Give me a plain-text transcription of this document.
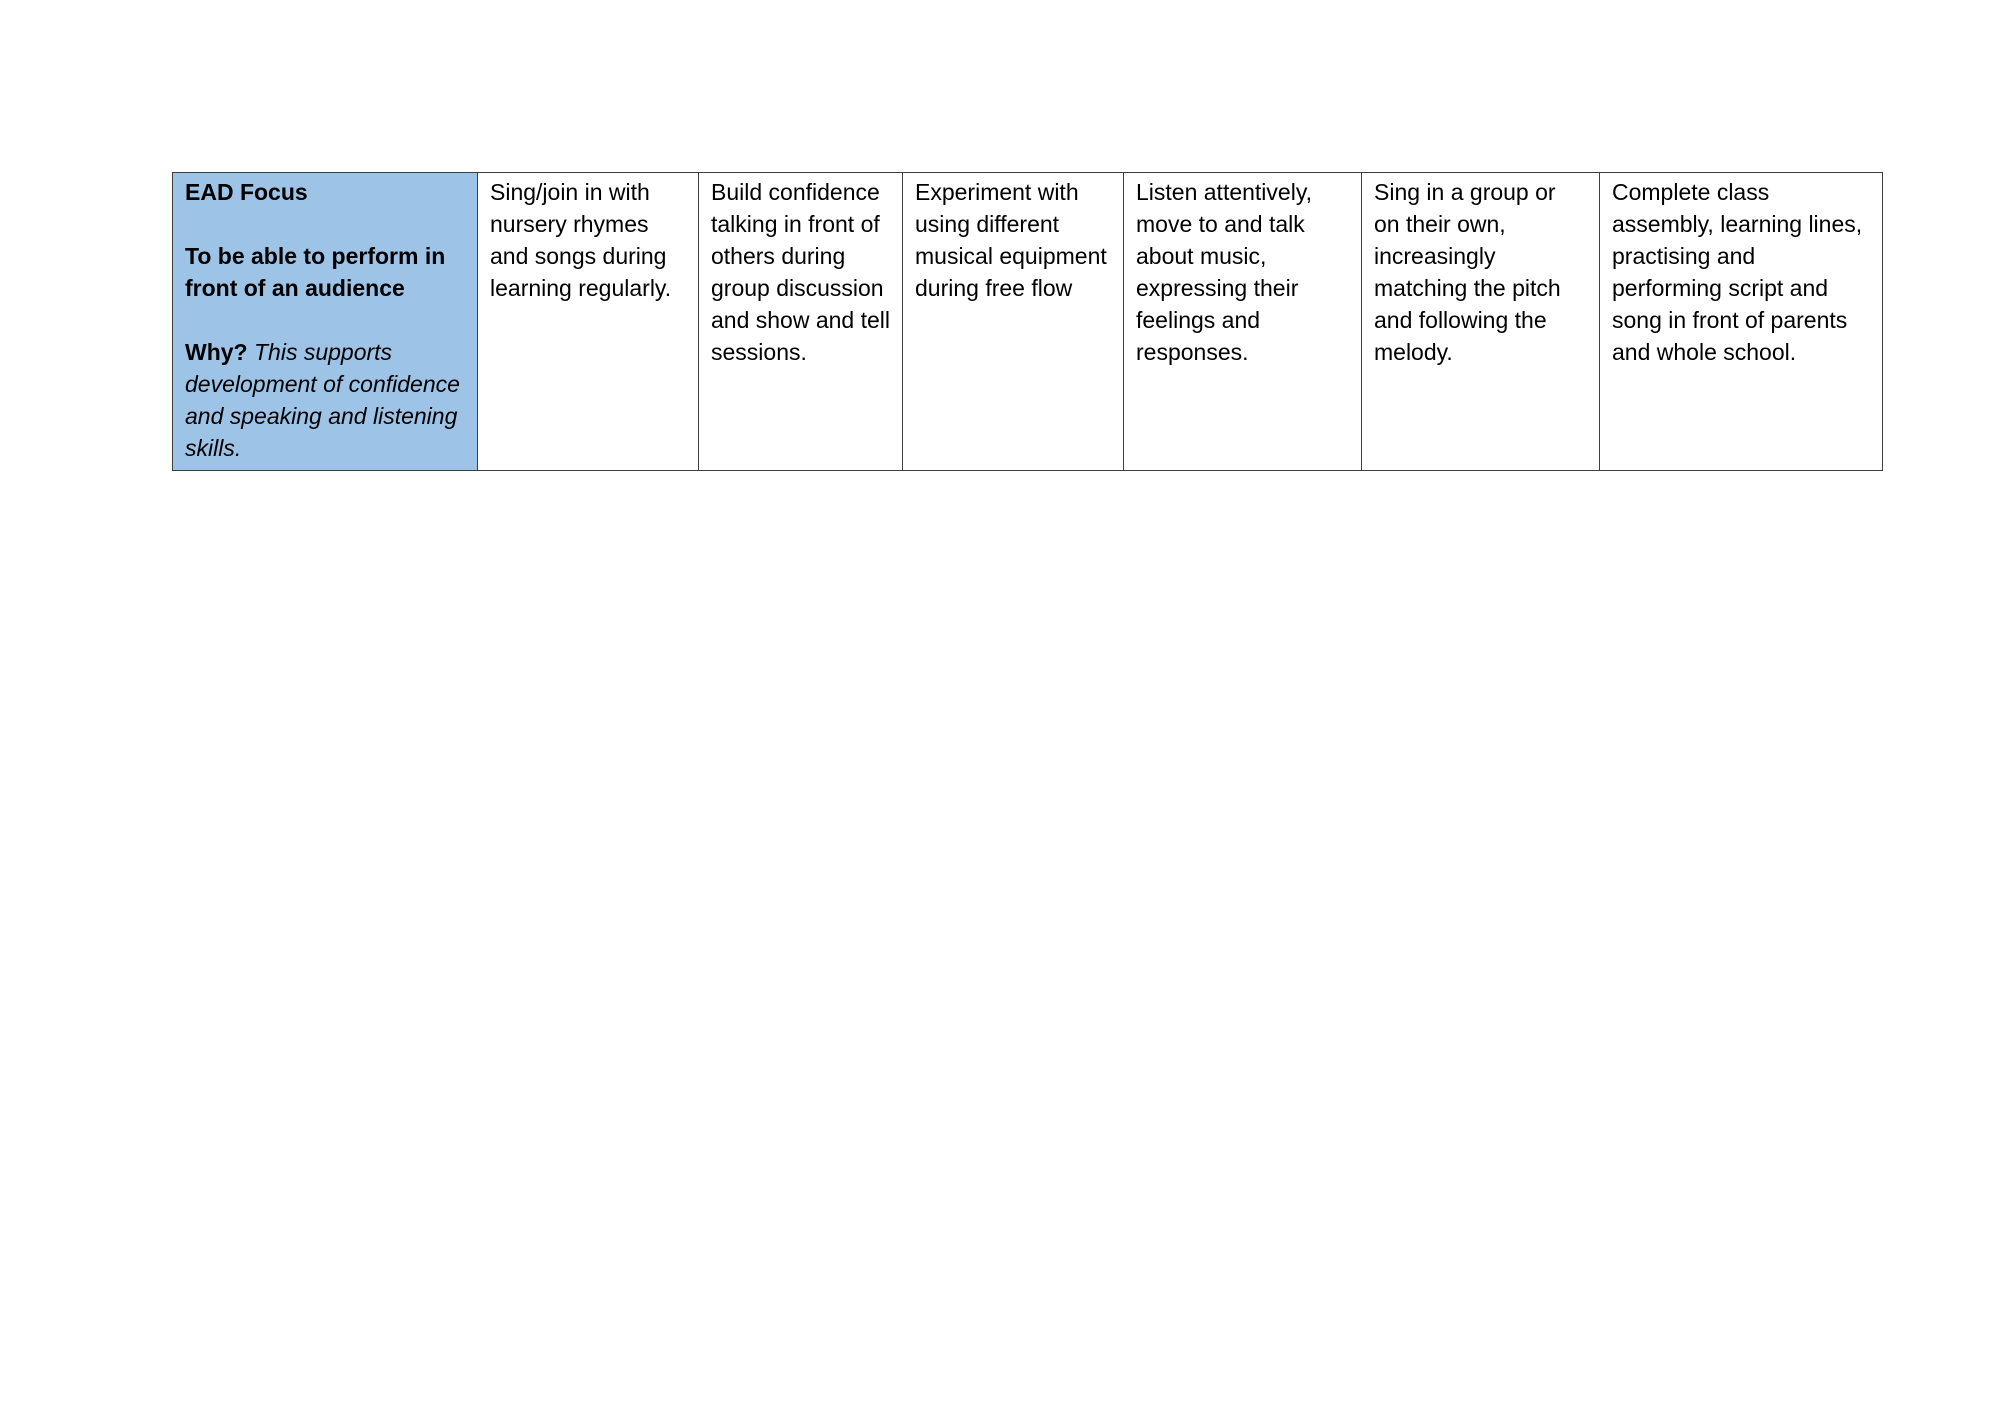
EAD Focus
To be able to perform in front of an audience
Why? This supports development of confidence and speaking and listening skills.	Sing/join in with nursery rhymes and songs during learning regularly.	Build confidence talking in front of others during group discussion and show and tell sessions.	Experiment with using different musical equipment during free flow	Listen attentively, move to and talk about music, expressing their feelings and responses.	Sing in a group or on their own, increasingly matching the pitch and following the melody.	Complete class assembly, learning lines, practising and performing script and song in front of parents and whole school.
